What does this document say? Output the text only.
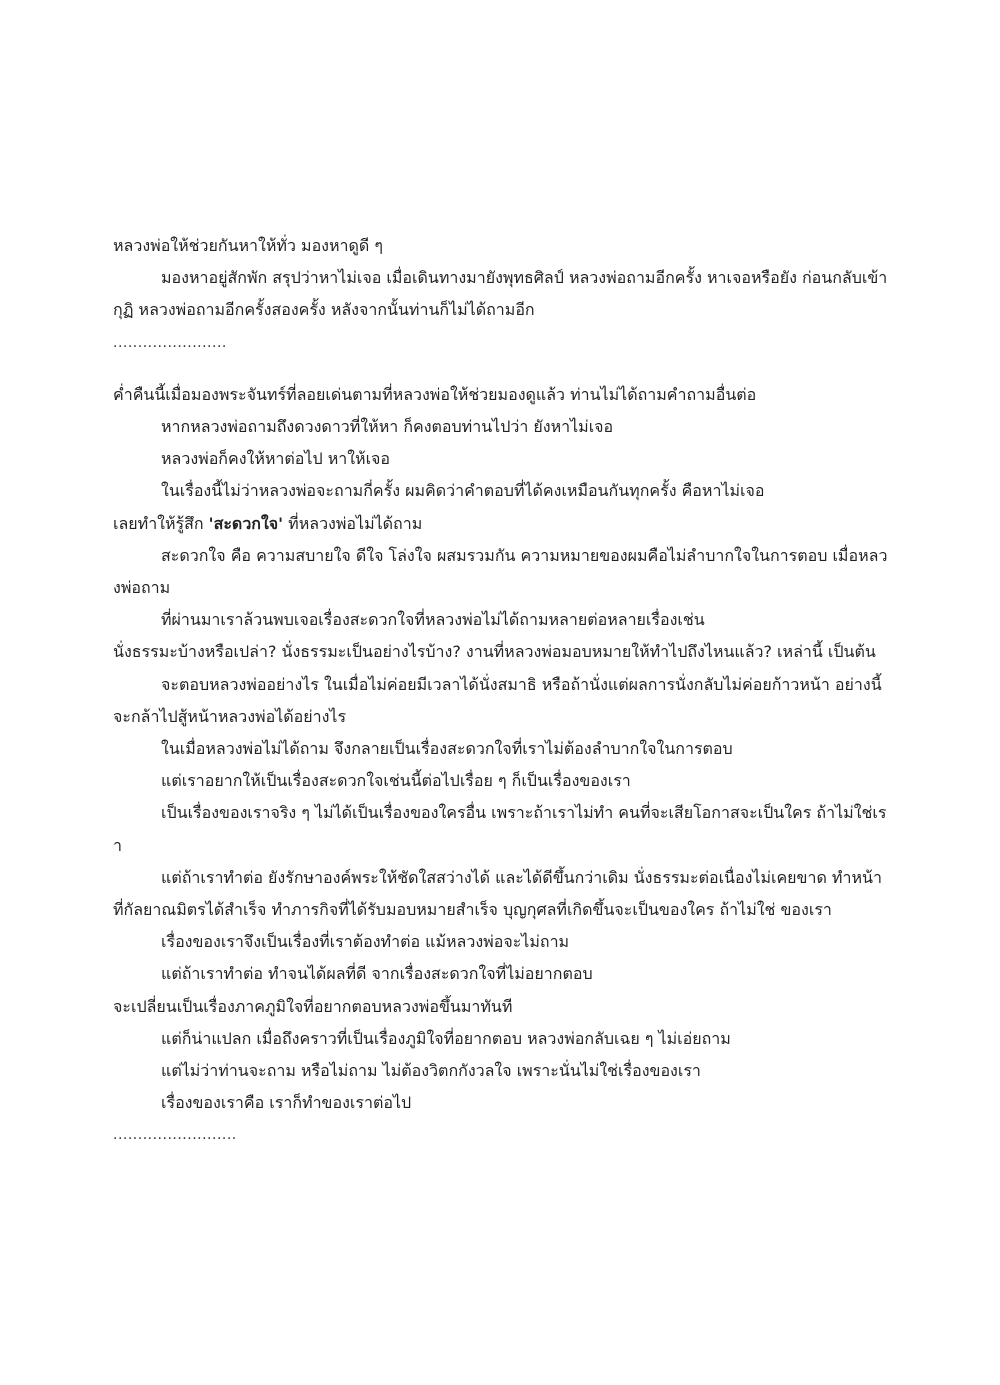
หลวงพ่อให้ช่วยกันหาให้ทั่ว มองหาดูดี ๆ

มองหาอยู่สักพัก สรุปว่าหาไม่เจอ เมื่อเดินทางมายังพุทธศิลป์ หลวงพ่อถามอีกครั้ง หาเจอหรือยัง ก่อนกลับเข้ากุฏิ หลวงพ่อถามอีกครั้งสองครั้ง หลังจากนั้นท่านก็ไม่ได้ถามอีก

.......................

ค่ำคืนนี้เมื่อมองพระจันทร์ที่ลอยเด่นตามที่หลวงพ่อให้ช่วยมองดูแล้ว ท่านไม่ได้ถามคำถามอื่นต่อ

หากหลวงพ่อถามถึงดวงดาวที่ให้หา ก็คงตอบท่านไปว่า ยังหาไม่เจอ

หลวงพ่อก็คงให้หาต่อไป หาให้เจอ

ในเรื่องนี้ไม่ว่าหลวงพ่อจะถามกี่ครั้ง ผมคิดว่าคำตอบที่ได้คงเหมือนกันทุกครั้ง คือหาไม่เจอ

เลยทำให้รู้สึก 'สะดวกใจ' ที่หลวงพ่อไม่ได้ถาม

สะดวกใจ คือ ความสบายใจ ดีใจ โล่งใจ ผสมรวมกัน ความหมายของผมคือไม่ลำบากใจในการตอบ เมื่อหลวงพ่อถาม

ที่ผ่านมาเราล้วนพบเจอเรื่องสะดวกใจที่หลวงพ่อไม่ได้ถามหลายต่อหลายเรื่องเช่น

นั่งธรรมะบ้างหรือเปล่า? นั่งธรรมะเป็นอย่างไรบ้าง? งานที่หลวงพ่อมอบหมายให้ทำไปถึงไหนแล้ว? เหล่านี้ เป็นต้น

จะตอบหลวงพ่ออย่างไร ในเมื่อไม่ค่อยมีเวลาได้นั่งสมาธิ หรือถ้านั่งแต่ผลการนั่งกลับไม่ค่อยก้าวหน้า อย่างนี้จะกล้าไปสู้หน้าหลวงพ่อได้อย่างไร

ในเมื่อหลวงพ่อไม่ได้ถาม จึงกลายเป็นเรื่องสะดวกใจที่เราไม่ต้องลำบากใจในการตอบ

แต่เราอยากให้เป็นเรื่องสะดวกใจเช่นนี้ต่อไปเรื่อย ๆ ก็เป็นเรื่องของเรา

เป็นเรื่องของเราจริง ๆ ไม่ได้เป็นเรื่องของใครอื่น เพราะถ้าเราไม่ทำ คนที่จะเสียโอกาสจะเป็นใคร ถ้าไม่ใช่เรา

แต่ถ้าเราทำต่อ ยังรักษาองค์พระให้ชัดใสสว่างได้ และได้ดีขึ้นกว่าเดิม นั่งธรรมะต่อเนื่องไม่เคยขาด ทำหน้าที่กัลยาณมิตรได้สำเร็จ ทำภารกิจที่ได้รับมอบหมายสำเร็จ บุญกุศลที่เกิดขึ้นจะเป็นของใคร ถ้าไม่ใช่ ของเรา

เรื่องของเราจึงเป็นเรื่องที่เราต้องทำต่อ แม้หลวงพ่อจะไม่ถาม

แต่ถ้าเราทำต่อ ทำจนได้ผลที่ดี จากเรื่องสะดวกใจที่ไม่อยากตอบ

จะเปลี่ยนเป็นเรื่องภาคภูมิใจที่อยากตอบหลวงพ่อขึ้นมาทันที

แต่ก็น่าแปลก เมื่อถึงคราวที่เป็นเรื่องภูมิใจที่อยากตอบ หลวงพ่อกลับเฉย ๆ ไม่เอ่ยถาม

แต่ไม่ว่าท่านจะถาม หรือไม่ถาม ไม่ต้องวิตกกังวลใจ เพราะนั่นไม่ใช่เรื่องของเรา

เรื่องของเราคือ เราก็ทำของเราต่อไป

.........................
